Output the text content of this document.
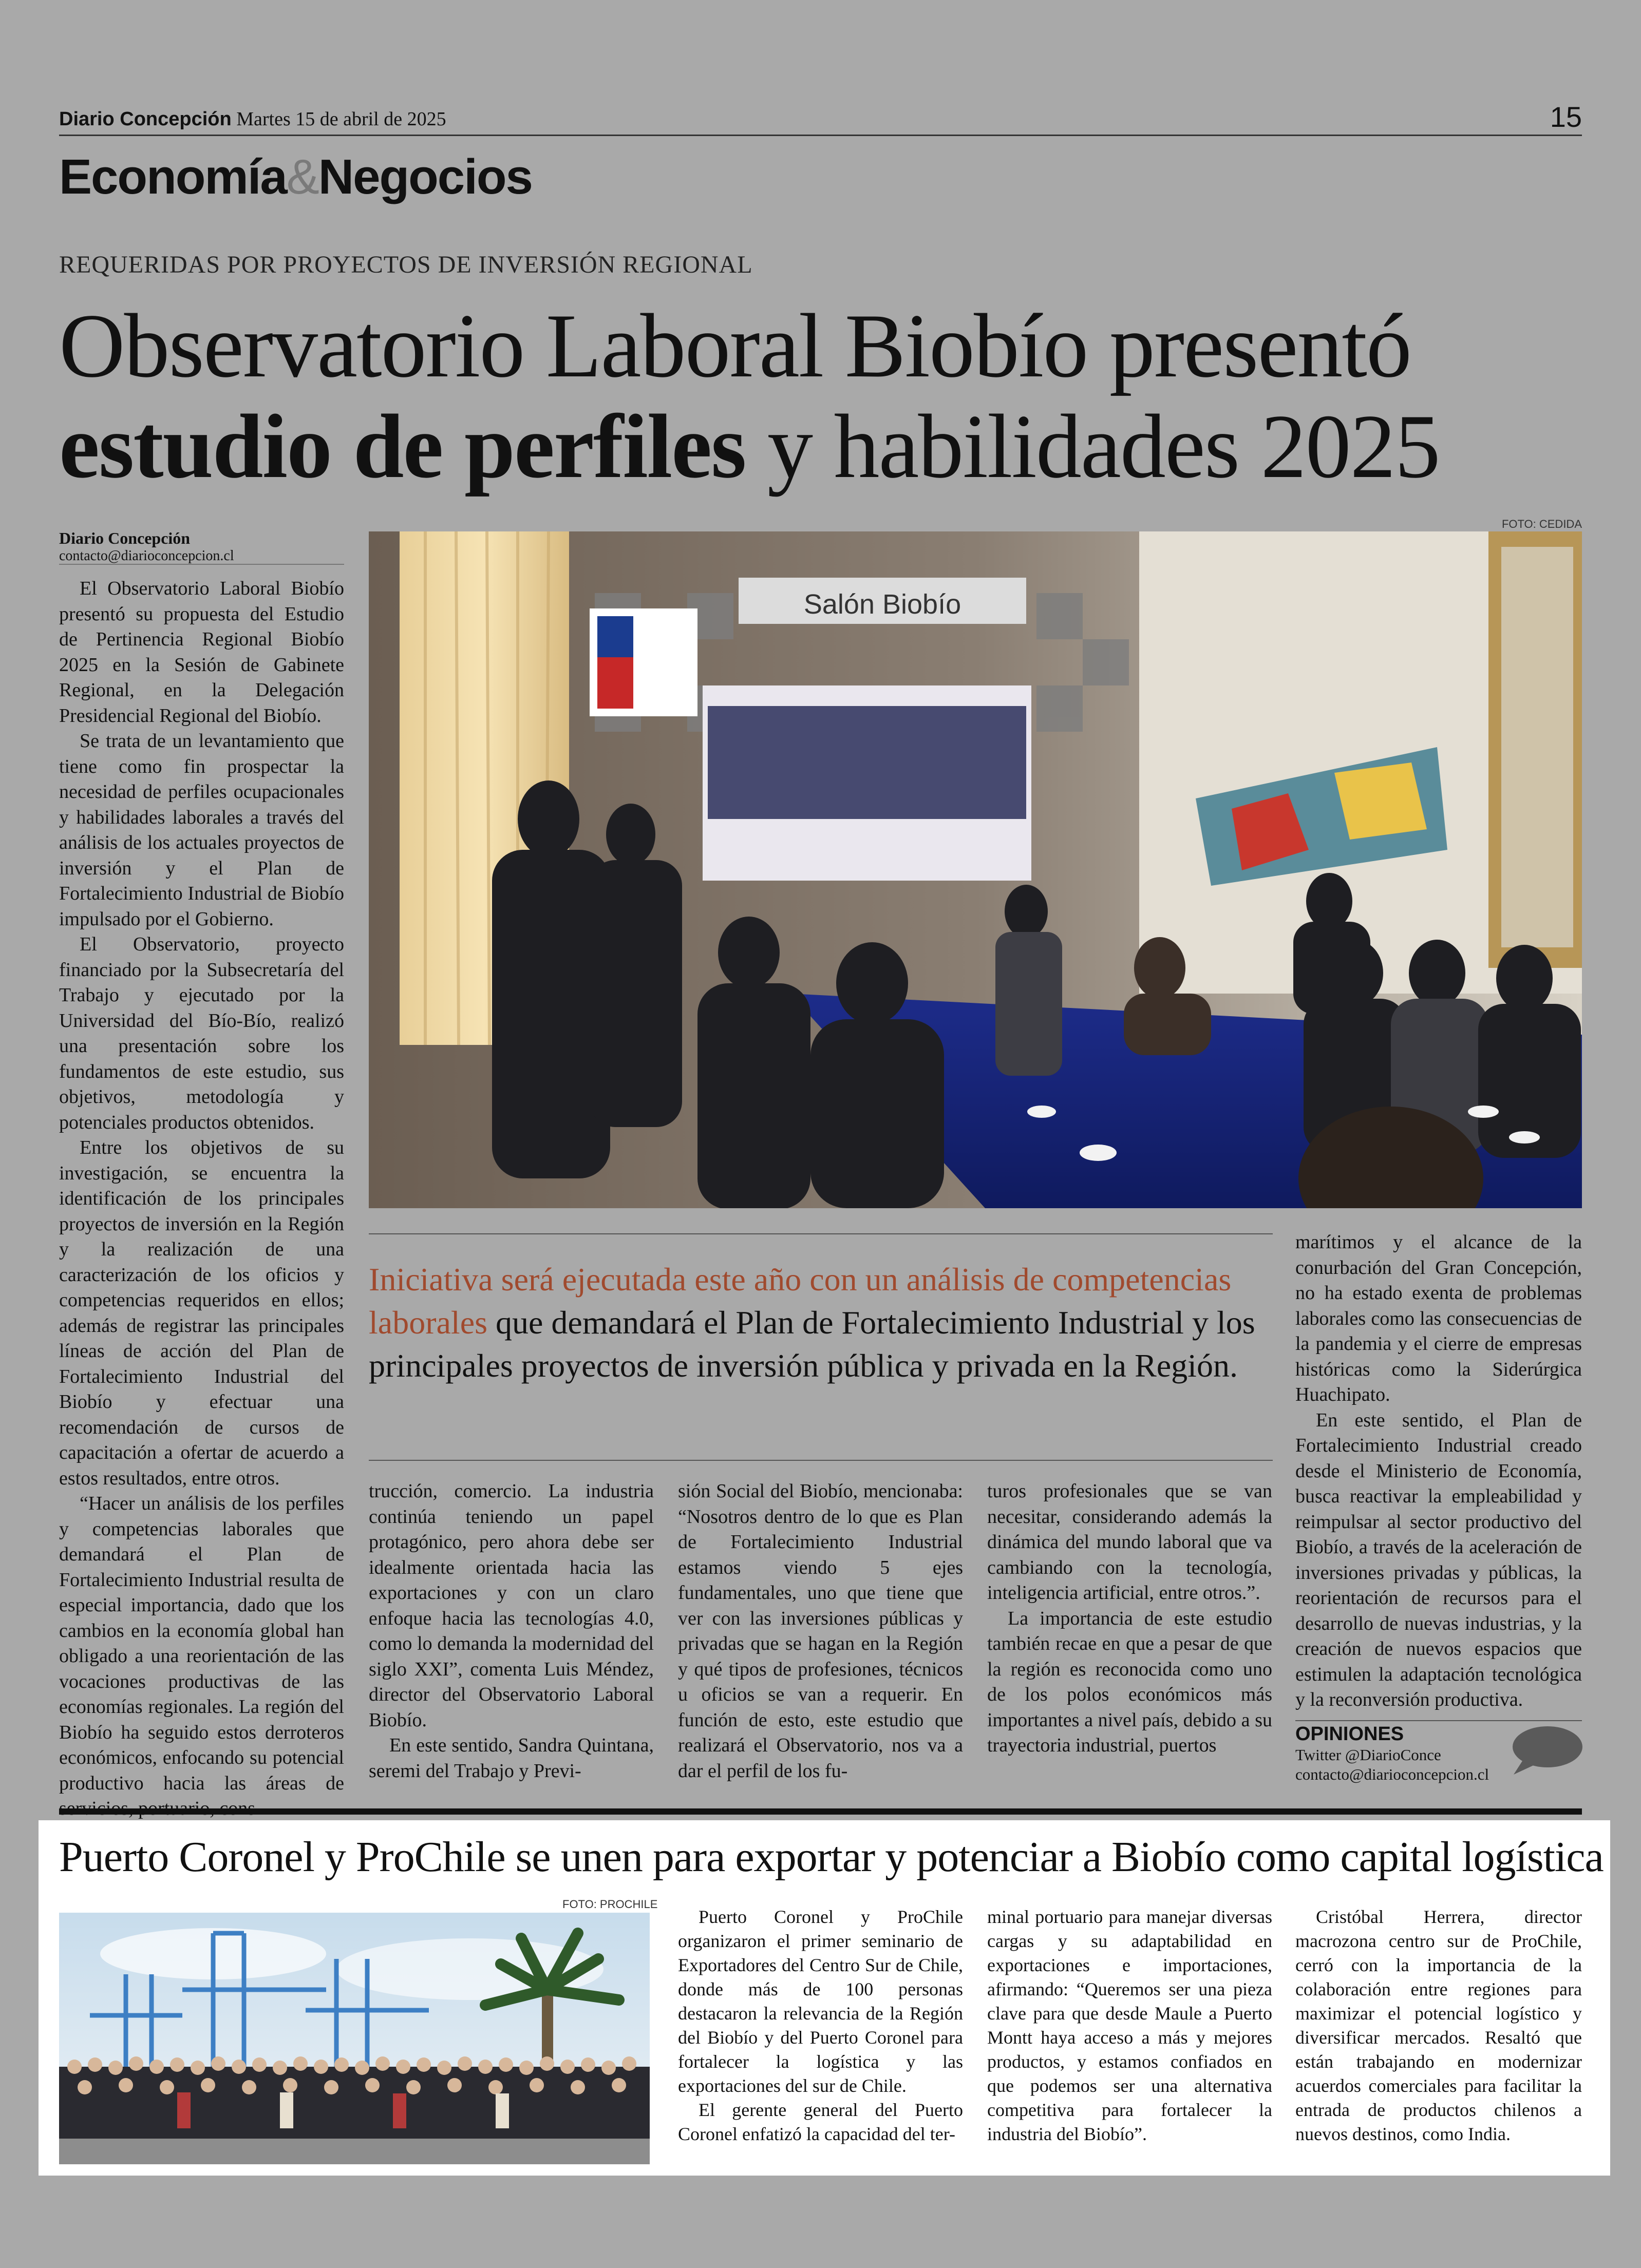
Diario Concepción Martes 15 de abril de 2025	15
Economía&Negocios
REQUERIDAS POR PROYECTOS DE INVERSIÓN REGIONAL
Observatorio Laboral Biobío presentó
estudio de perfiles y habilidades 2025
Diario Concepción
contacto@diarioconcepcion.cl
FOTO: CEDIDA
Salón Biobío

El Observatorio Laboral Biobío presentó su propuesta del Estudio de Pertinencia Regional Biobío 2025 en la Sesión de Gabinete Regional, en la Delegación Presidencial Regional del Biobío.

Se trata de un levantamiento que tiene como fin prospectar la necesidad de perfiles ocupacionales y habilidades laborales a través del análisis de los actuales proyectos de inversión y el Plan de Fortalecimiento Industrial de Biobío impulsado por el Gobierno.

El Observatorio, proyecto financiado por la Subsecretaría del Trabajo y ejecutado por la Universidad del Bío-Bío, realizó una presentación sobre los fundamentos de este estudio, sus objetivos, metodología y potenciales productos obtenidos.

Entre los objetivos de su investigación, se encuentra la identificación de los principales proyectos de inversión en la Región y la realización de una caracterización de los oficios y competencias requeridos en ellos; además de registrar las principales líneas de acción del Plan de Fortalecimiento Industrial del Biobío y efectuar una recomendación de cursos de capacitación a ofertar de acuerdo a estos resultados, entre otros.

“Hacer un análisis de los perfiles y competencias laborales que demandará el Plan de Fortalecimiento Industrial resulta de especial importancia, dado que los cambios en la economía global han obligado a una reorientación de las vocaciones productivas de las economías regionales. La región del Biobío ha seguido estos derroteros económicos, enfocando su potencial productivo hacia las áreas de

Iniciativa será ejecutada este año con un análisis de competencias laborales que demandará el Plan de Fortalecimiento Industrial y los principales proyectos de inversión pública y privada en la Región.

trucción, comercio. La industria continúa teniendo un papel protagónico, pero ahora debe ser idealmente orientada hacia las exportaciones y con un claro enfoque hacia las tecnologías 4.0, como lo demanda la modernidad del siglo XXI”, comenta Luis Méndez, director del Observatorio Laboral Biobío.

En este sentido, Sandra Quintana, seremi del Trabajo y Previ-

sión Social del Biobío, mencionaba: “Nosotros dentro de lo que es Plan de Fortalecimiento Industrial estamos viendo 5 ejes fundamentales, uno que tiene que ver con las inversiones públicas y privadas que se hagan en la Región y qué tipos de profesiones, técnicos u oficios se van a requerir. En función de esto, este estudio que realizará el Observatorio, nos va a dar el perfil de los fu-

turos profesionales que se van necesitar, considerando además la dinámica del mundo laboral que va cambiando con la tecnología, inteligencia artificial, entre otros.”.

La importancia de este estudio también recae en que a pesar de que la región es reconocida como uno de los polos económicos más importantes a nivel país, debido a su trayectoria industrial, puertos

marítimos y el alcance de la conurbación del Gran Concepción, no ha estado exenta de problemas laborales como las consecuencias de la pandemia y el cierre de empresas históricas como la Siderúrgica Huachipato.

En este sentido, el Plan de Fortalecimiento Industrial creado desde el Ministerio de Economía, busca reactivar la empleabilidad y reimpulsar al sector productivo del Biobío, a través de la aceleración de inversiones privadas y públicas, la reorientación de recursos para el desarrollo de nuevas industrias, y la creación de nuevos espacios que estimulen la adaptación tecnológica y la reconversión productiva.

OPINIONES
Twitter @DiarioConce
contacto@diarioconcepcion.cl
Puerto Coronel y ProChile se unen para exportar y potenciar a Biobío como capital logística
FOTO: PROCHILE

Puerto Coronel y ProChile organizaron el primer seminario de Exportadores del Centro Sur de Chile, donde más de 100 personas destacaron la relevancia de la Región del Biobío y del Puerto Coronel para fortalecer la logística y las exportaciones del sur de Chile.

El gerente general del Puerto Coronel enfatizó la capacidad del ter-

minal portuario para manejar diversas cargas y su adaptabilidad en exportaciones e importaciones, afirmando: “Queremos ser una pieza clave para que desde Maule a Puerto Montt haya acceso a más y mejores productos, y estamos confiados en que podemos ser una alternativa competitiva para fortalecer la industria del Biobío”.

Cristóbal Herrera, director macrozona centro sur de ProChile, cerró con la importancia de la colaboración entre regiones para maximizar el potencial logístico y diversificar mercados. Resaltó que están trabajando en modernizar acuerdos comerciales para facilitar la entrada de productos chilenos a nuevos destinos, como India.
